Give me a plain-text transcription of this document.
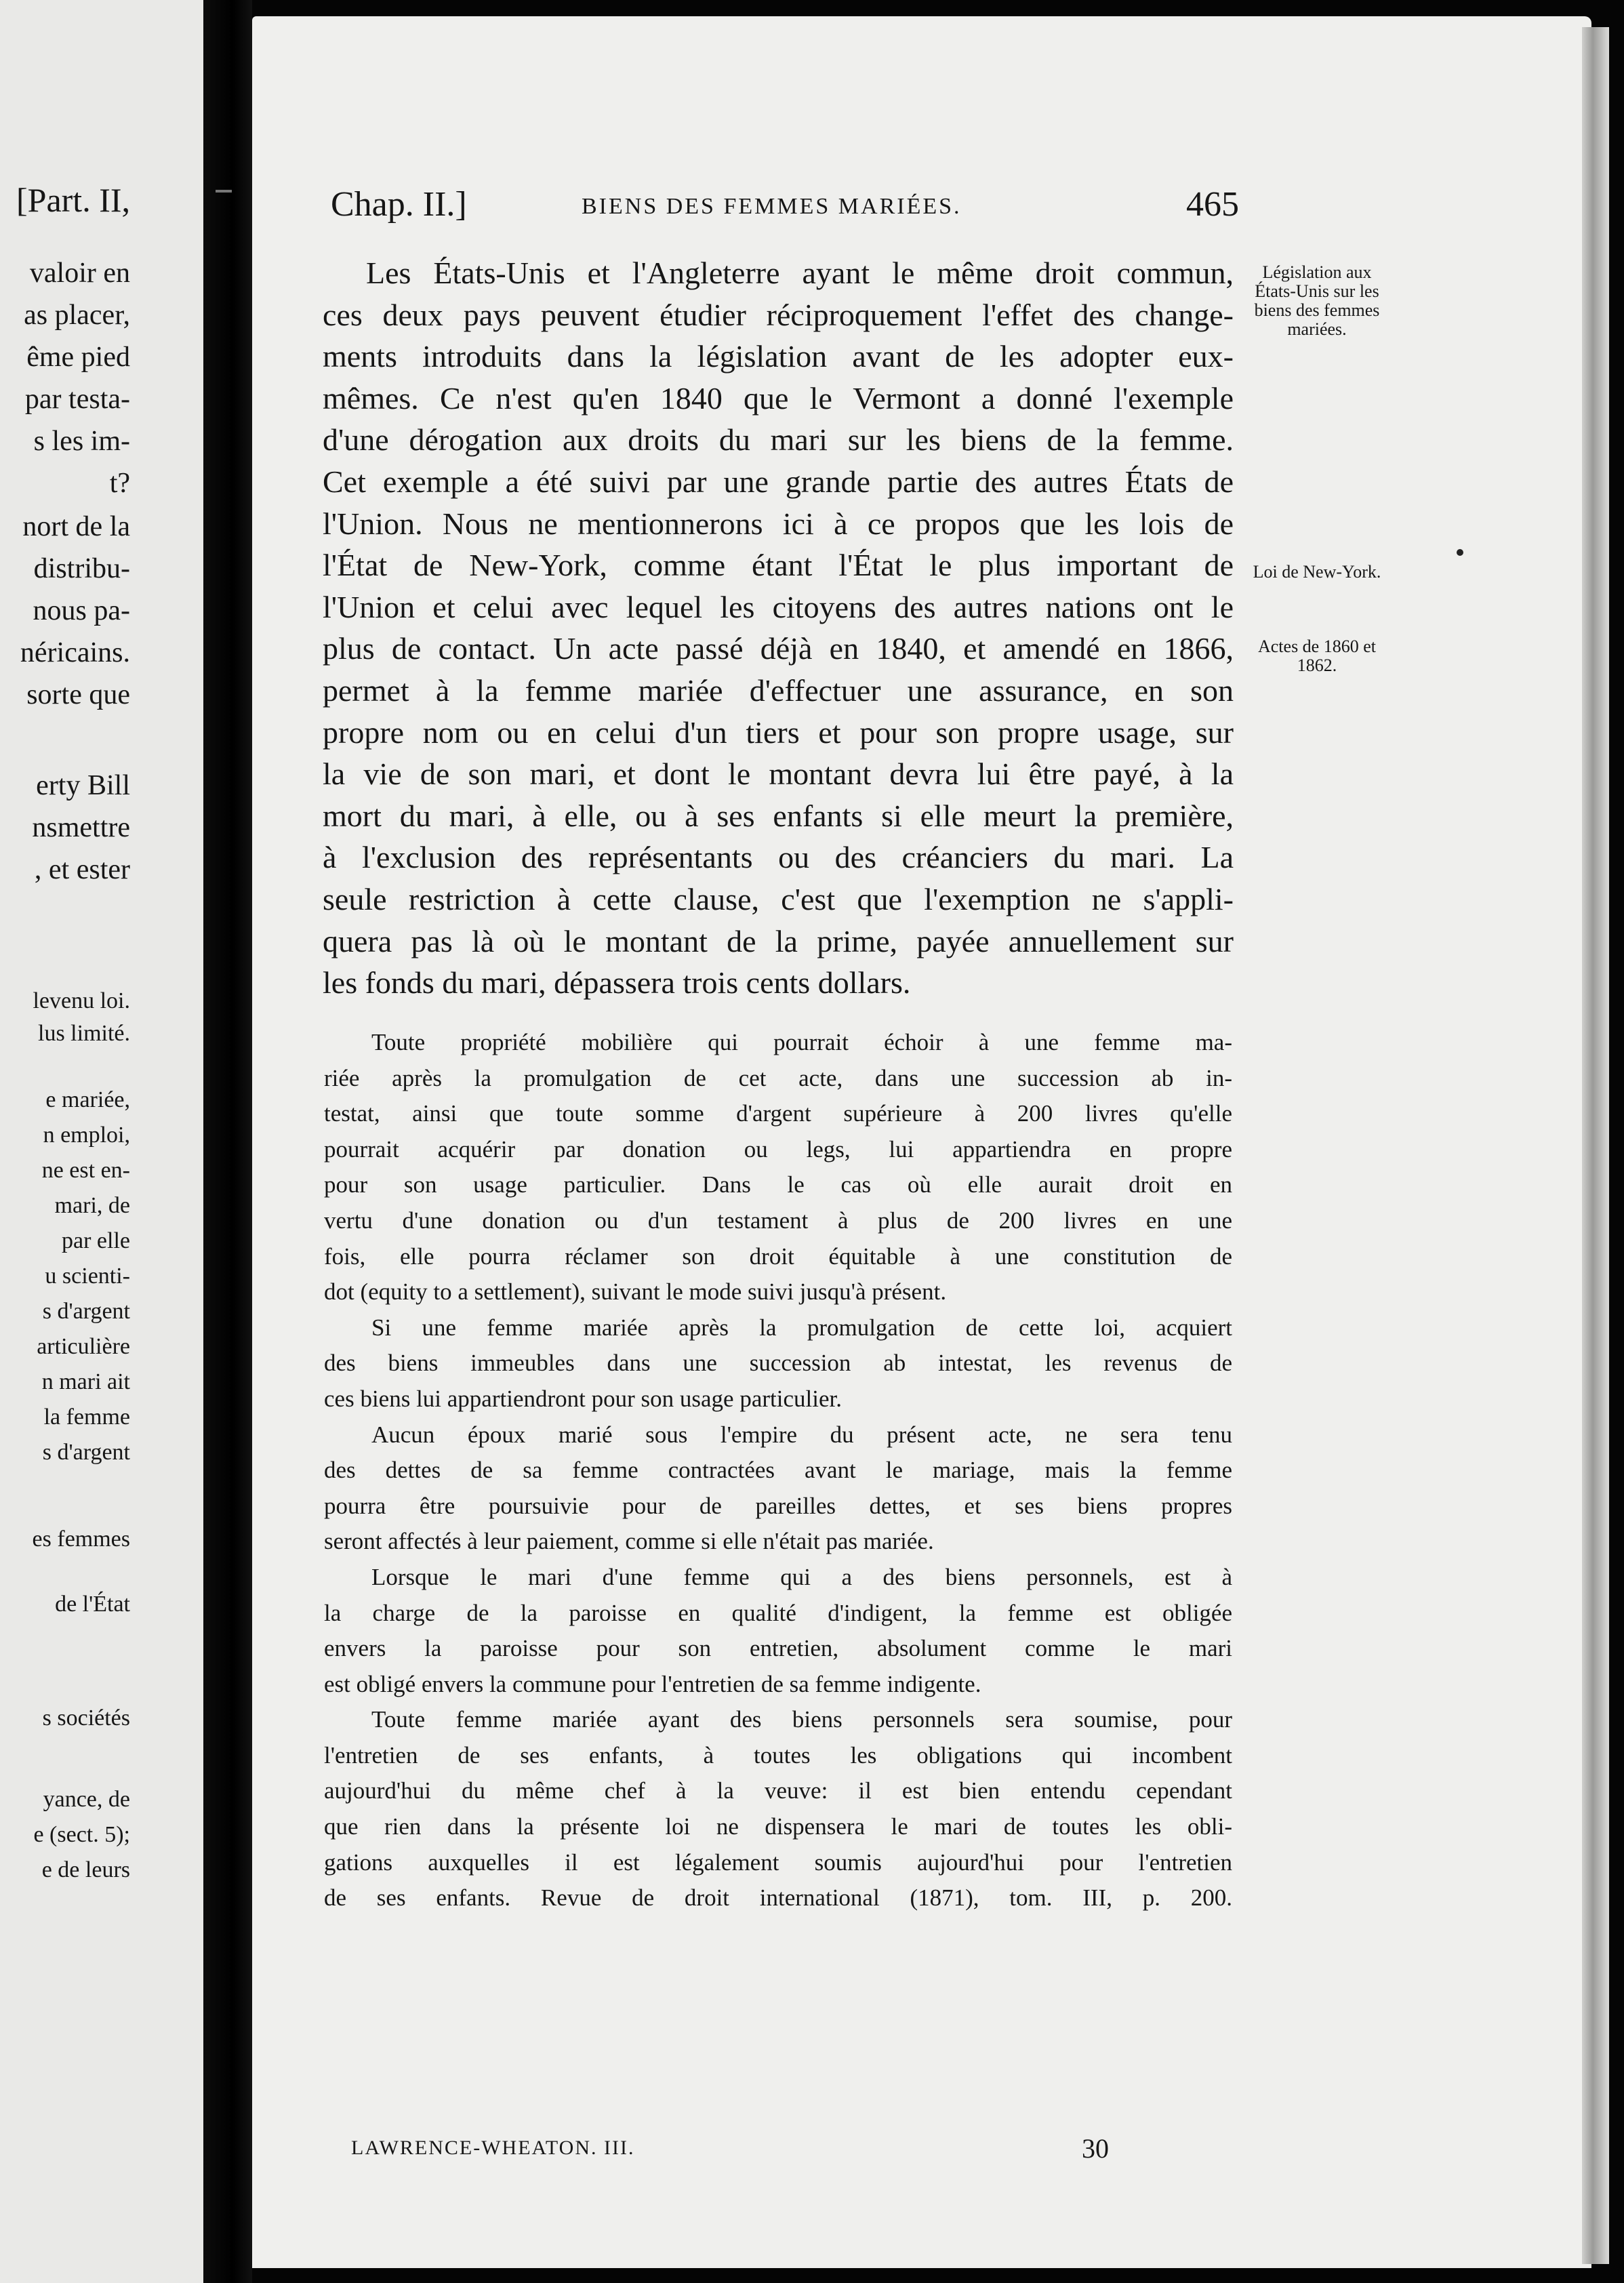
[Part. II,
valoir en
as placer,
ême pied
par testa-
s les im-
t?
nort de la
distribu-
nous pa-
néricains.
sorte que
erty Bill
nsmettre
, et ester
levenu loi.
lus limité.
e mariée,
n emploi,
ne est en-
mari, de
par elle
u scienti-
s d'argent
articulière
n mari ait
la femme
s d'argent
es femmes
de l'État
s sociétés
yance, de
e (sect. 5);
e de leurs
Chap. II.]	BIENS DES FEMMES MARIÉES.	465
Les États-Unis et l'Angleterre ayant le même droit commun,
ces deux pays peuvent étudier réciproquement l'effet des change-
ments introduits dans la législation avant de les adopter eux-
mêmes. Ce n'est qu'en 1840 que le Vermont a donné l'exemple
d'une dérogation aux droits du mari sur les biens de la femme.
Cet exemple a été suivi par une grande partie des autres États de
l'Union. Nous ne mentionnerons ici à ce propos que les lois de
l'État de New-York, comme étant l'État le plus important de
l'Union et celui avec lequel les citoyens des autres nations ont le
plus de contact. Un acte passé déjà en 1840, et amendé en 1866,
permet à la femme mariée d'effectuer une assurance, en son
propre nom ou en celui d'un tiers et pour son propre usage, sur
la vie de son mari, et dont le montant devra lui être payé, à la
mort du mari, à elle, ou à ses enfants si elle meurt la première,
à l'exclusion des représentants ou des créanciers du mari. La
seule restriction à cette clause, c'est que l'exemption ne s'appli-
quera pas là où le montant de la prime, payée annuellement sur
les fonds du mari, dépassera trois cents dollars.
Toute propriété mobilière qui pourrait échoir à une femme ma-
riée après la promulgation de cet acte, dans une succession ab in-
testat, ainsi que toute somme d'argent supérieure à 200 livres qu'elle
pourrait acquérir par donation ou legs, lui appartiendra en propre
pour son usage particulier. Dans le cas où elle aurait droit en
vertu d'une donation ou d'un testament à plus de 200 livres en une
fois, elle pourra réclamer son droit équitable à une constitution de
dot (equity to a settlement), suivant le mode suivi jusqu'à présent.
Si une femme mariée après la promulgation de cette loi, acquiert
des biens immeubles dans une succession ab intestat, les revenus de
ces biens lui appartiendront pour son usage particulier.
Aucun époux marié sous l'empire du présent acte, ne sera tenu
des dettes de sa femme contractées avant le mariage, mais la femme
pourra être poursuivie pour de pareilles dettes, et ses biens propres
seront affectés à leur paiement, comme si elle n'était pas mariée.
Lorsque le mari d'une femme qui a des biens personnels, est à
la charge de la paroisse en qualité d'indigent, la femme est obligée
envers la paroisse pour son entretien, absolument comme le mari
est obligé envers la commune pour l'entretien de sa femme indigente.
Toute femme mariée ayant des biens personnels sera soumise, pour
l'entretien de ses enfants, à toutes les obligations qui incombent
aujourd'hui du même chef à la veuve: il est bien entendu cependant
que rien dans la présente loi ne dispensera le mari de toutes les obli-
gations auxquelles il est légalement soumis aujourd'hui pour l'entretien
de ses enfants. Revue de droit international (1871), tom. III, p. 200.
Législation aux États-Unis sur les biens des femmes mariées.
Loi de New-York.
Actes de 1860 et 1862.
LAWRENCE-WHEATON. III.	30
